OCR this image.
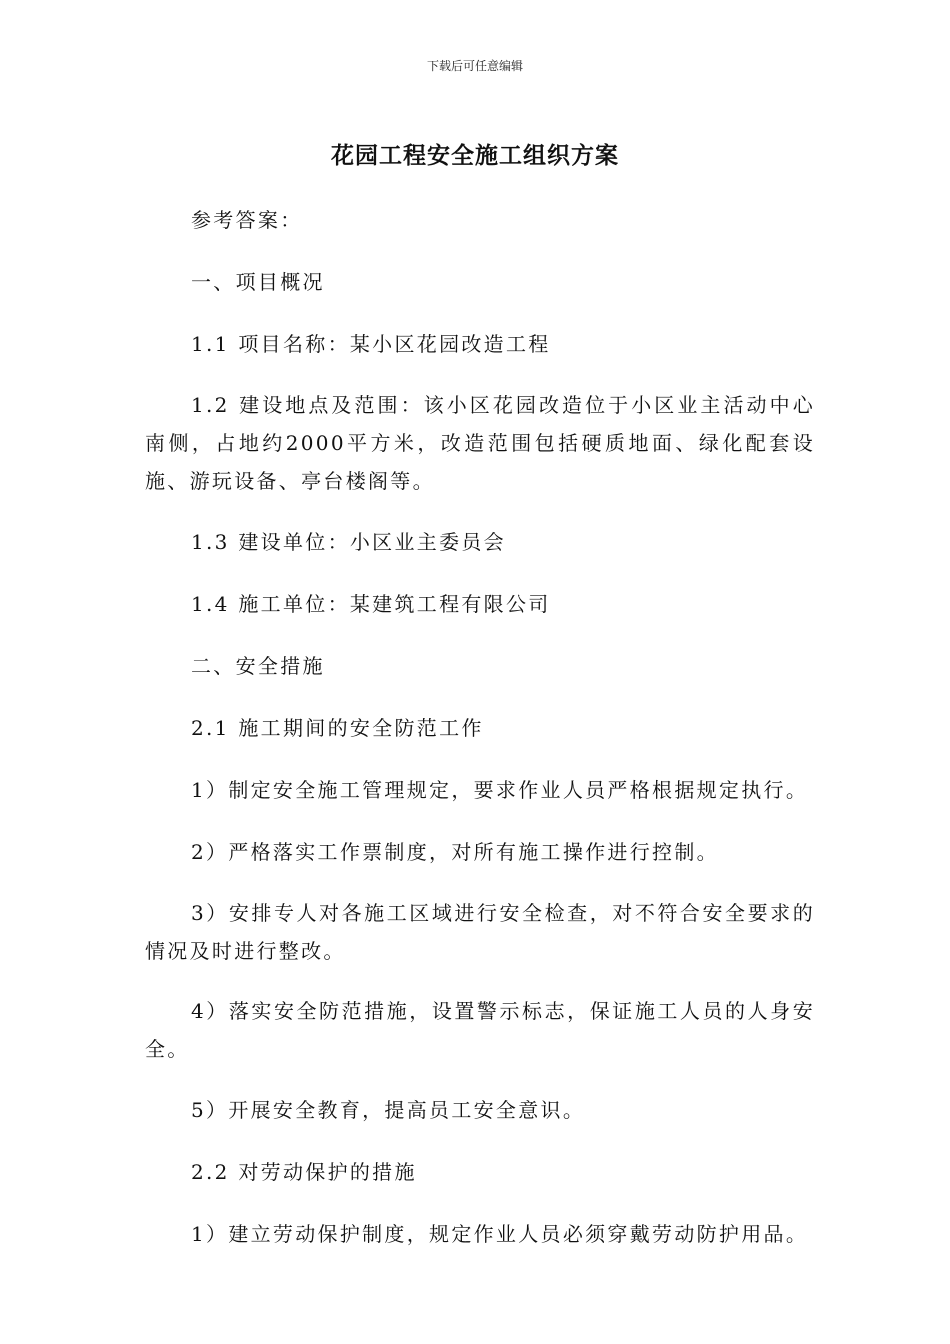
下载后可任意编辑
花园工程安全施工组织方案

参考答案：

一、项目概况

1.1 项目名称：某小区花园改造工程

1.2 建设地点及范围：该小区花园改造位于小区业主活动中心南侧，占地约2000平方米，改造范围包括硬质地面、绿化配套设施、游玩设备、亭台楼阁等。

1.3 建设单位：小区业主委员会

1.4 施工单位：某建筑工程有限公司

二、安全措施

2.1 施工期间的安全防范工作

1）制定安全施工管理规定，要求作业人员严格根据规定执行。

2）严格落实工作票制度，对所有施工操作进行控制。

3）安排专人对各施工区域进行安全检查，对不符合安全要求的情况及时进行整改。

4）落实安全防范措施，设置警示标志，保证施工人员的人身安全。

5）开展安全教育，提高员工安全意识。

2.2 对劳动保护的措施

1）建立劳动保护制度，规定作业人员必须穿戴劳动防护用品。
